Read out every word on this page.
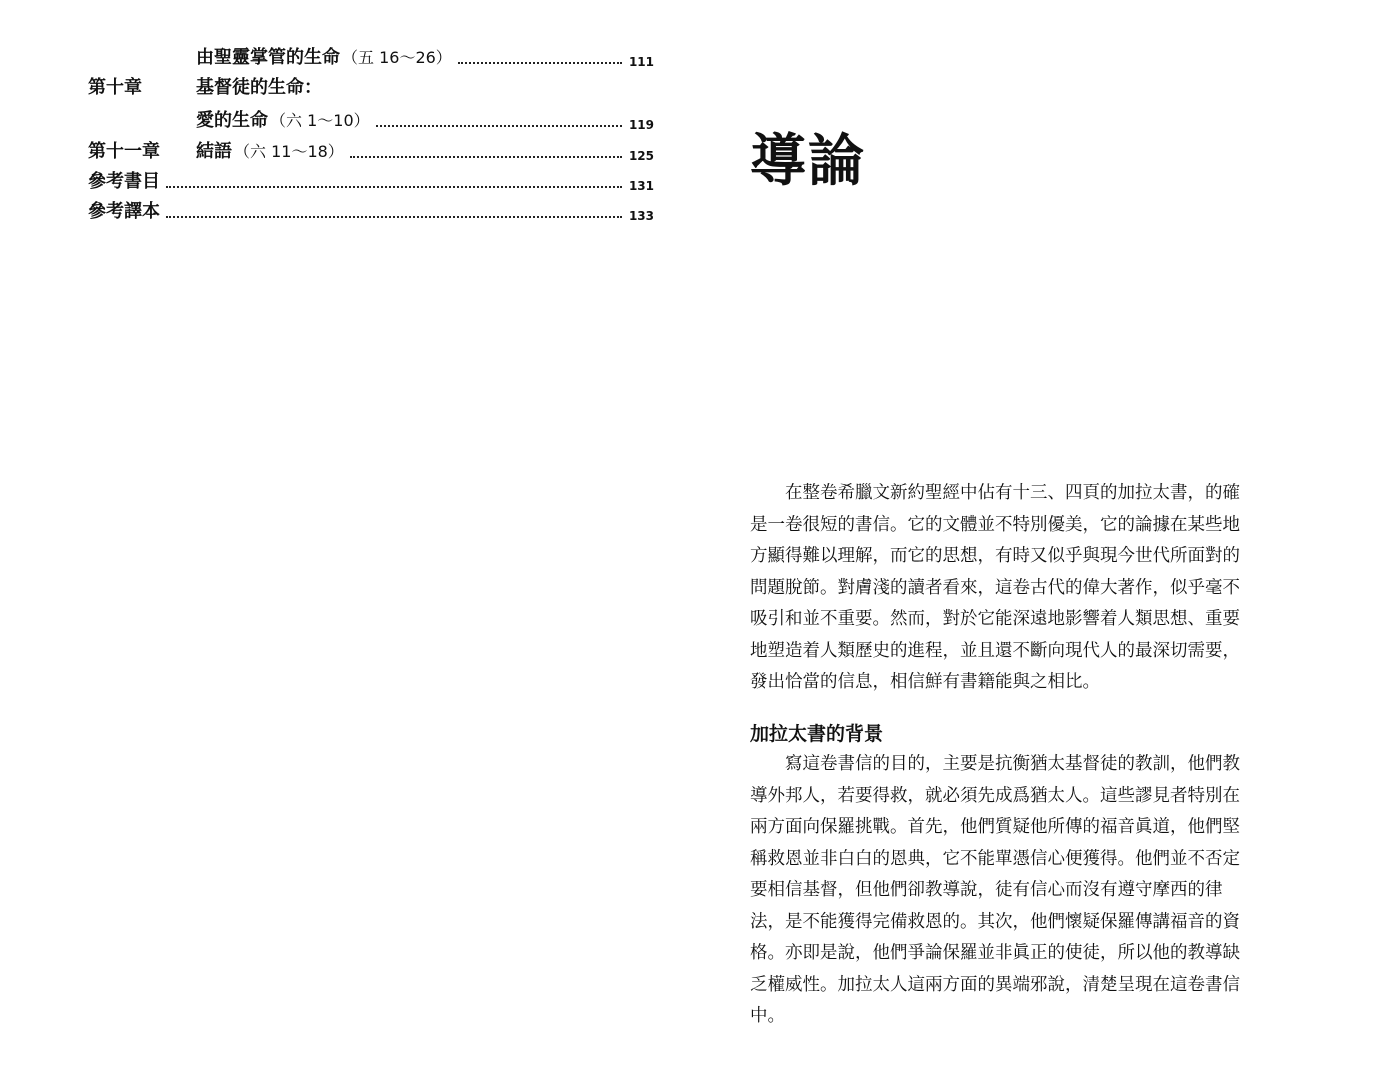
由聖靈掌管的生命 （五 16〜26）	111
第十章	基督徒的生命：
愛的生命 （六 1〜10）	119
第十一章	結語 （六 11〜18）	125
參考書目	131
參考譯本	133
導論

　　在整卷希臘文新約聖經中佔有十三、四頁的加拉太書，的確
是一卷很短的書信。它的文體並不特別優美，它的論據在某些地
方顯得難以理解，而它的思想，有時又似乎與現今世代所面對的
問題脫節。對膚淺的讀者看來，這卷古代的偉大著作，似乎毫不
吸引和並不重要。然而，對於它能深遠地影響着人類思想、重要
地塑造着人類歷史的進程，並且還不斷向現代人的最深切需要，
發出恰當的信息，相信鮮有書籍能與之相比。

加拉太書的背景

　　寫這卷書信的目的，主要是抗衡猶太基督徒的教訓，他們教
導外邦人，若要得救，就必須先成爲猶太人。這些謬見者特別在
兩方面向保羅挑戰。首先，他們質疑他所傳的福音眞道，他們堅
稱救恩並非白白的恩典，它不能單憑信心便獲得。他們並不否定
要相信基督，但他們卻教導說，徒有信心而沒有遵守摩西的律
法，是不能獲得完備救恩的。其次，他們懷疑保羅傳講福音的資
格。亦即是說，他們爭論保羅並非眞正的使徒，所以他的教導缺
乏權威性。加拉太人這兩方面的異端邪說，清楚呈現在這卷書信
中。
